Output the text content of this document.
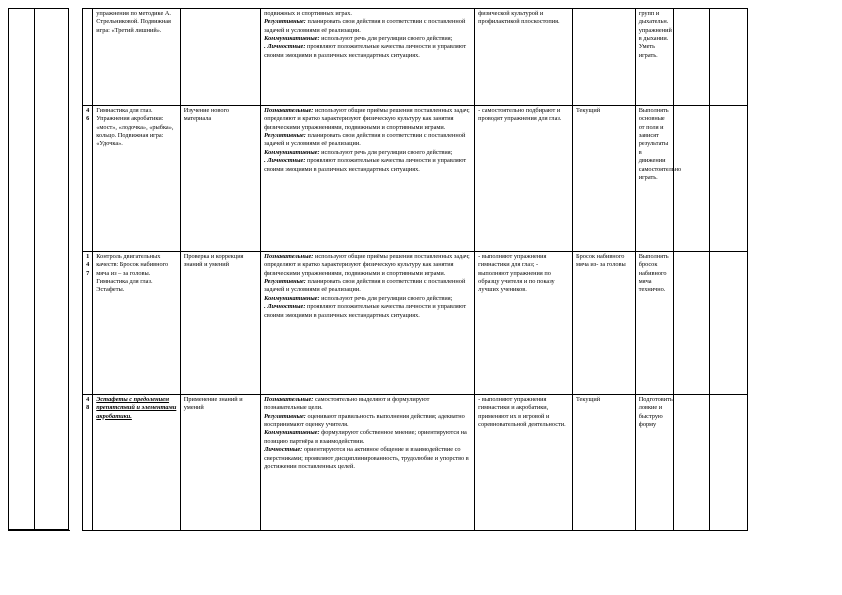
	упражнения по методике А. Стрельниковой. Подвижная игра: «Третий лишний».		подвижных и спортивных играх.

Регулятивные: планировать свои действия в соответствии с поставленной задачей и условиями её реализации.

Коммуникативные: используют речь для регуляции своего действия;

. Личностные: проявляют положительные качества личности и управляют своими эмоциями в различных нестандартных ситуациях.	физической культурой и профилактикой плоскостопия.		групп и дыхательн. упражнений в дыхании. Уметь играть.		
4 6	Гимнастика для глаз. Упражнения акробатики: «мост», «лодочка», «рыбка», кольцо. Подвижная игра: «Удочка».	Изучение нового материала	Познавательные: используют общие приёмы решения поставленных задач; определяют и кратко характеризуют физическую культуру как занятия физическими упражнениями, подвижными и спортивными играми.

Регулятивные: планировать свои действия в соответствии с поставленной задачей и условиями её реализации.

Коммуникативные: используют речь для регуляции своего действия;

. Личностные: проявляют положительные качества личности и управляют своими эмоциями в различных нестандартных ситуациях.	- самостоятельно подбирают и проводят упражнения для глаз.	Текущий	Выполнять основные от поля и зависят результаты в движении самостоятельно играть.		
1 4 7	Контроль двигательных качеств: Бросок набивного мяча из – за головы. Гимнастика для глаз. Эстафеты.	Проверка и коррекция знаний и умений	Познавательные: используют общие приёмы решения поставленных задач; определяют и кратко характеризуют физическую культуру как занятия физическими упражнениями, подвижными и спортивными играми.

Регулятивные: планировать свои действия в соответствии с поставленной задачей и условиями её реализации.

Коммуникативные: используют речь для регуляции своего действия;

. Личностные: проявляют положительные качества личности и управляют своими эмоциями в различных нестандартных ситуациях.	- выполняют упражнения гимнастики для глаз; - выполняют упражнения по образцу учителя и по показу лучших учеников.	Бросок набивного мяча из- за головы	Выполнять бросок набивного мяча технично.		
4 8	Эстафеты с предолением препятствий и элементами акробатики.	Применение знаний и умений	Познавательные: самостоятельно выделяют и формулируют познавательные цели.

Регулятивные: оценивают правильность выполнения действия; адекватно воспринимают оценку учителя.

Коммуникативные: формулируют собственное мнение; ориентируются на позицию партнёра в взаимодействии.

Личностные: ориентируются на активное общение и взаимодействие со сверстниками; проявляют дисциплинированность, трудолюбие и упорство в достижении поставленных целей.	- выполняют упражнения гимнастики и акробатики, применяют их в игровой и соревновательной деятельности.	Текущий	Подготовить ловкие и быструю форму		
